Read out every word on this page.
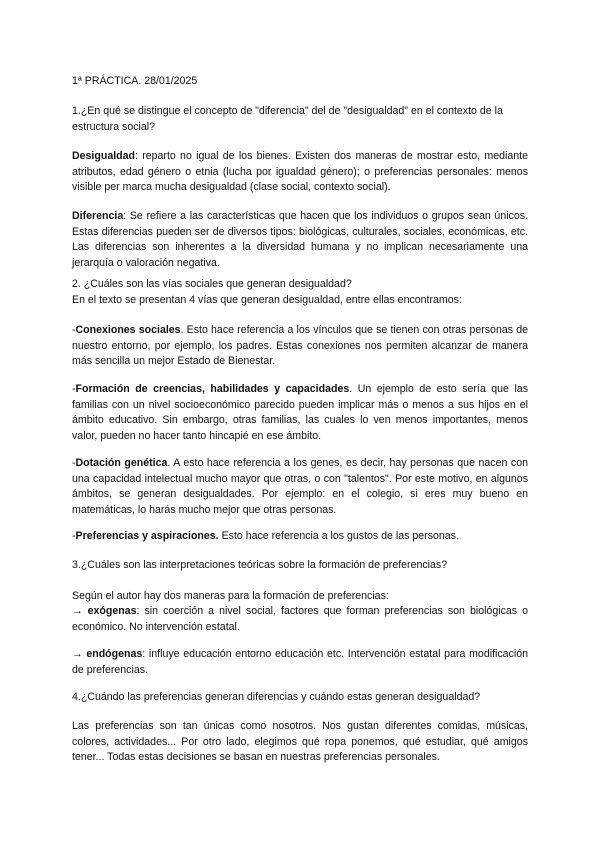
1ª PRÁCTICA. 28/01/2025

1.¿En qué se distingue el concepto de "diferencia" del de "desigualdad" en el contexto de la estructura social?

Desigualdad: reparto no igual de los bienes. Existen dos maneras de mostrar esto, mediante atributos, edad género o etnia (lucha por igualdad género); o preferencias personales: menos visible per marca mucha desigualdad (clase social, contexto social).

Diferencia: Se refiere a las características que hacen que los individuos o grupos sean únicos. Estas diferencias pueden ser de diversos tipos: biológicas, culturales, sociales, económicas, etc. Las diferencias son inherentes a la diversidad humana y no implican necesariamente una jerarquía o valoración negativa.

2. ¿Cuáles son las vías sociales que generan desigualdad?

En el texto se presentan 4 vías que generan desigualdad, entre ellas encontramos:

-Conexiones sociales. Esto hace referencia a los vínculos que se tienen con otras personas de nuestro entorno, por ejemplo, los padres. Estas conexiones nos permiten alcanzar de manera más sencilla un mejor Estado de Bienestar.

-Formación de creencias, habilidades y capacidades. Un ejemplo de esto sería que las familias con un nivel socioeconómico parecido pueden implicar más o menos a sus hijos en el ámbito educativo. Sin embargo, otras familias, las cuales lo ven menos importantes, menos valor, pueden no hacer tanto hincapié en ese ámbito.

-Dotación genética. A esto hace referencia a los genes, es decir, hay personas que nacen con una capacidad intelectual mucho mayor que otras, o con "talentos". Por este motivo, en algunos ámbitos, se generan desigualdades. Por ejemplo: en el colegio, si eres muy bueno en matemáticas, lo harás mucho mejor que otras personas.

-Preferencias y aspiraciones. Esto hace referencia a los gustos de las personas.

3.¿Cuáles son las interpretaciones teóricas sobre la formación de preferencias?

Según el autor hay dos maneras para la formación de preferencias:

→ exógenas: sin coerción a nivel social, factores que forman preferencias son biológicas o económico. No intervención estatal.

→ endógenas: influye educación entorno educación etc. Intervención estatal para modificación de preferencias.

4.¿Cuándo las preferencias generan diferencias y cuándo estas generan desigualdad?

Las preferencias son tan únicas como nosotros. Nos gustan diferentes comidas, músicas, colores, actividades... Por otro lado, elegimos qué ropa ponemos, qué estudiar, qué amigos tener... Todas estas decisiones se basan en nuestras preferencias personales.
